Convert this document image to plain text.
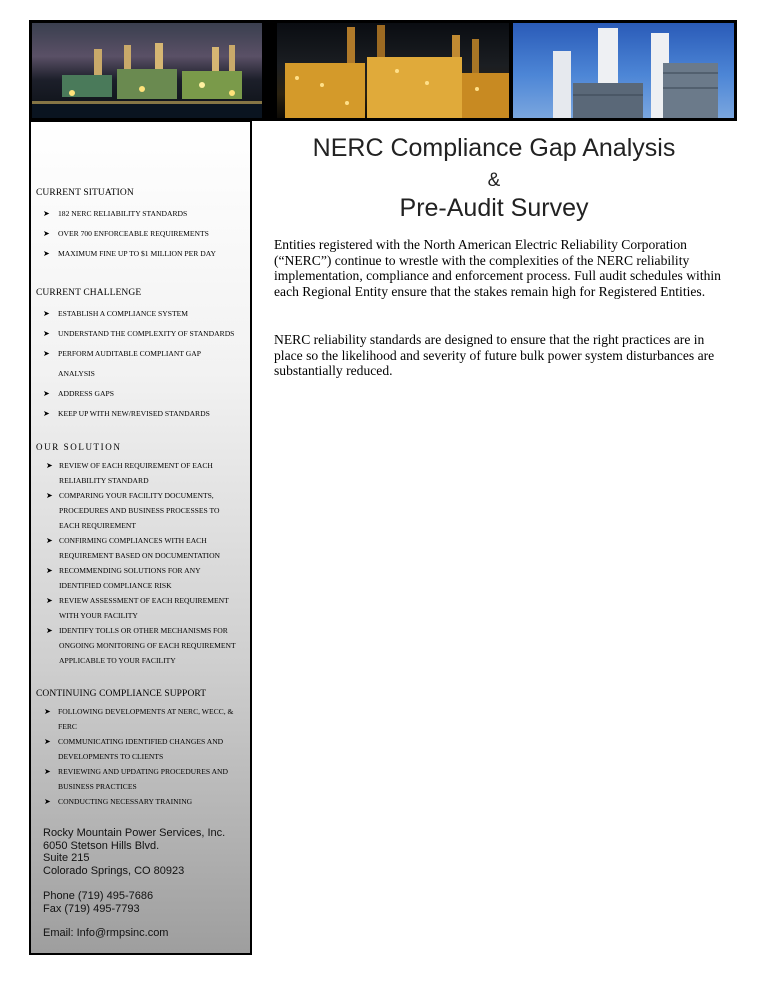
CURRENT SITUATION
➤ 182 NERC RELIABILITY STANDARDS
➤ OVER 700 ENFORCEABLE REQUIREMENTS
➤ MAXIMUM FINE UP TO $1 MILLION PER DAY
CURRENT CHALLENGE
➤ ESTABLISH A COMPLIANCE SYSTEM
➤ UNDERSTAND THE COMPLEXITY OF STANDARDS
➤ PERFORM AUDITABLE COMPLIANT GAP
ANALYSIS
➤ ADDRESS GAPS
➤ KEEP UP WITH NEW/REVISED STANDARDS
OUR SOLUTION
➤ REVIEW OF EACH REQUIREMENT OF EACH
RELIABILITY STANDARD
➤ COMPARING YOUR FACILITY DOCUMENTS,
PROCEDURES AND BUSINESS PROCESSES TO
EACH REQUIREMENT
➤ CONFIRMING COMPLIANCES WITH EACH
REQUIREMENT BASED ON DOCUMENTATION
➤ RECOMMENDING SOLUTIONS FOR ANY
IDENTIFIED COMPLIANCE RISK
➤ REVIEW ASSESSMENT OF EACH REQUIREMENT
WITH YOUR FACILITY
➤ IDENTIFY TOLLS OR OTHER MECHANISMS FOR
ONGOING MONITORING OF EACH REQUIREMENT
APPLICABLE TO YOUR FACILITY
CONTINUING COMPLIANCE SUPPORT
➤ FOLLOWING DEVELOPMENTS AT NERC, WECC, &
FERC
➤ COMMUNICATING IDENTIFIED CHANGES AND
DEVELOPMENTS TO CLIENTS
➤ REVIEWING AND UPDATING PROCEDURES AND
BUSINESS PRACTICES
➤ CONDUCTING NECESSARY TRAINING
Rocky Mountain Power Services, Inc.
6050 Stetson Hills Blvd.
Suite 215
Colorado Springs, CO 80923
Phone (719) 495-7686
Fax (719) 495-7793
Email: Info@rmpsinc.com
NERC Compliance Gap Analysis
&
Pre-Audit Survey
Entities registered with the North American Electric Reliability Corporation (“NERC”) continue to wrestle with the complexities of the NERC reliability implementation, compliance and enforcement process. Full audit schedules within each Regional Entity ensure that the stakes remain high for Registered Entities.
NERC reliability standards are designed to ensure that the right practices are in place so the likelihood and severity of future bulk power system disturbances are substantially reduced.
